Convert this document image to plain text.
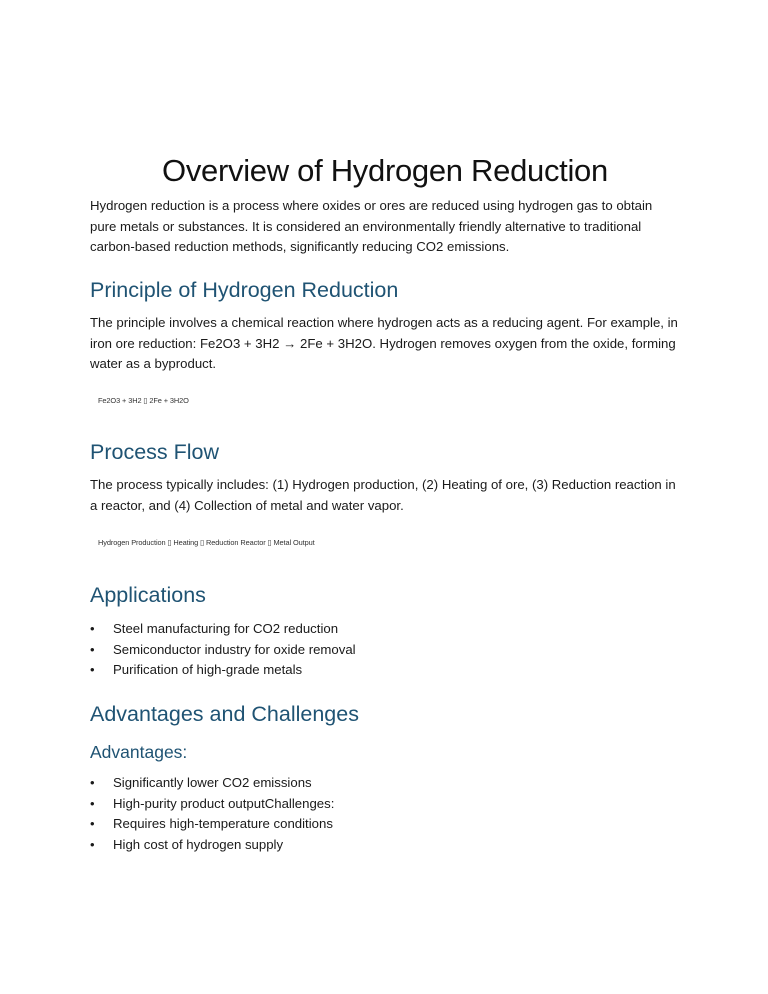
Overview of Hydrogen Reduction

Hydrogen reduction is a process where oxides or ores are reduced using hydrogen gas to obtain pure metals or substances. It is considered an environmentally friendly alternative to traditional carbon-based reduction methods, significantly reducing CO2 emissions.

Principle of Hydrogen Reduction

The principle involves a chemical reaction where hydrogen acts as a reducing agent. For example, in iron ore reduction: Fe2O3 + 3H2 → 2Fe + 3H2O. Hydrogen removes oxygen from the oxide, forming water as a byproduct.

Fe2O3 + 3H2 ▯ 2Fe + 3H2O
Process Flow

The process typically includes: (1) Hydrogen production, (2) Heating of ore, (3) Reduction reaction in a reactor, and (4) Collection of metal and water vapor.

Hydrogen Production ▯ Heating ▯ Reduction Reactor ▯ Metal Output
Applications
• Steel manufacturing for CO2 reduction
• Semiconductor industry for oxide removal
• Purification of high-grade metals
Advantages and Challenges
Advantages:
• Significantly lower CO2 emissions
• High-purity product outputChallenges:
• Requires high-temperature conditions
• High cost of hydrogen supply
